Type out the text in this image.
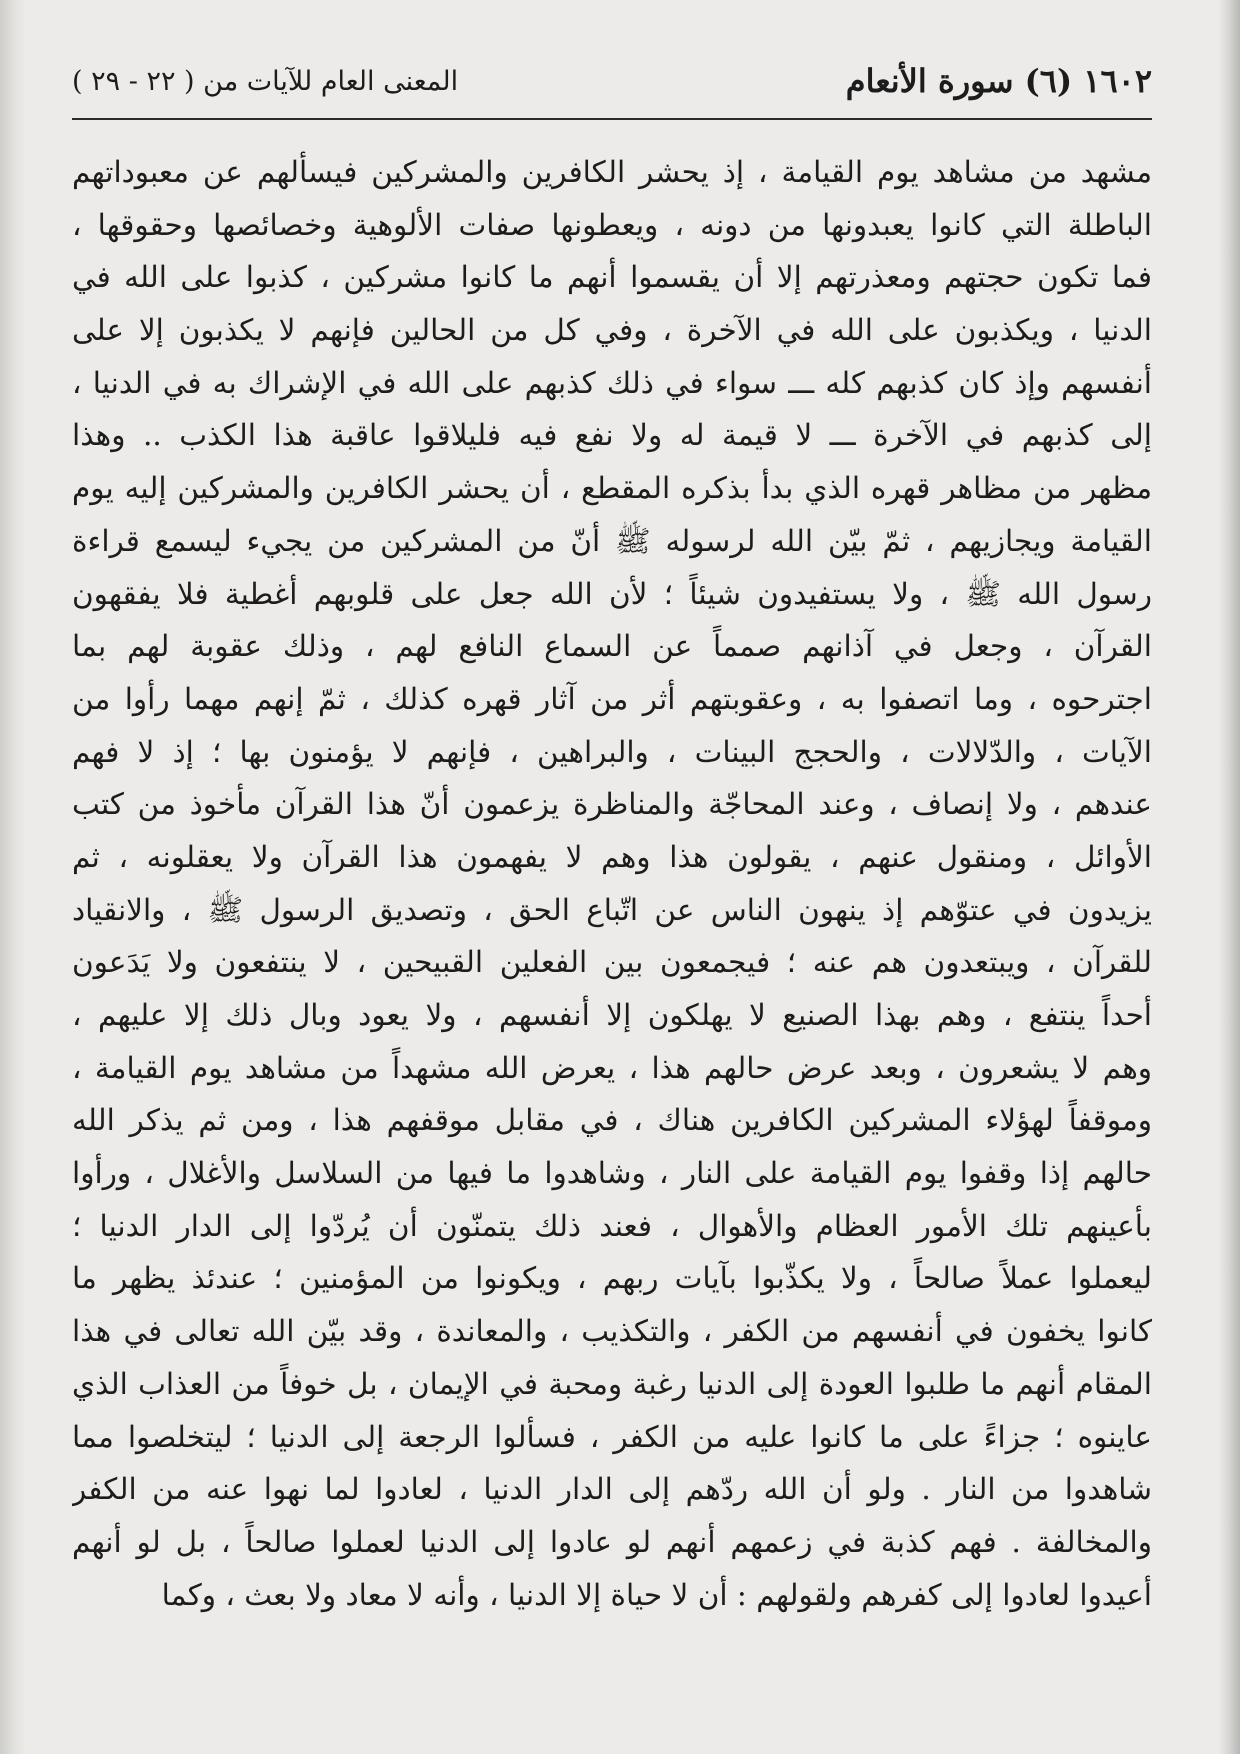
١٦٠٢ (٦) سورة الأنعام
المعنى العام للآيات من ( ٢٢ - ٢٩ )
مشهد من مشاهد يوم القيامة ، إذ يحشر الكافرين والمشركين فيسألهم عن معبوداتهم
الباطلة التي كانوا يعبدونها من دونه ، ويعطونها صفات الألوهية وخصائصها وحقوقها ،
فما تكون حجتهم ومعذرتهم إلا أن يقسموا أنهم ما كانوا مشركين ، كذبوا على الله في
الدنيا ، ويكذبون على الله في الآخرة ، وفي كل من الحالين فإنهم لا يكذبون إلا على
أنفسهم وإذ كان كذبهم كله ـــ سواء في ذلك كذبهم على الله في الإشراك به في الدنيا ،
إلى كذبهم في الآخرة ـــ لا قيمة له ولا نفع فيه فليلاقوا عاقبة هذا الكذب .. وهذا
مظهر من مظاهر قهره الذي بدأ بذكره المقطع ، أن يحشر الكافرين والمشركين إليه يوم
القيامة ويجازيهم ، ثمّ بيّن الله لرسوله ﷺ أنّ من المشركين من يجيء ليسمع قراءة
رسول الله ﷺ ، ولا يستفيدون شيئاً ؛ لأن الله جعل على قلوبهم أغطية فلا يفقهون
القرآن ، وجعل في آذانهم صمماً عن السماع النافع لهم ، وذلك عقوبة لهم بما
اجترحوه ، وما اتصفوا به ، وعقوبتهم أثر من آثار قهره كذلك ، ثمّ إنهم مهما رأوا من
الآيات ، والدّلالات ، والحجج البينات ، والبراهين ، فإنهم لا يؤمنون بها ؛ إذ لا فهم
عندهم ، ولا إنصاف ، وعند المحاجّة والمناظرة يزعمون أنّ هذا القرآن مأخوذ من كتب
الأوائل ، ومنقول عنهم ، يقولون هذا وهم لا يفهمون هذا القرآن ولا يعقلونه ، ثم
يزيدون في عتوّهم إذ ينهون الناس عن اتّباع الحق ، وتصديق الرسول ﷺ ، والانقياد
للقرآن ، ويبتعدون هم عنه ؛ فيجمعون بين الفعلين القبيحين ، لا ينتفعون ولا يَدَعون
أحداً ينتفع ، وهم بهذا الصنيع لا يهلكون إلا أنفسهم ، ولا يعود وبال ذلك إلا عليهم ،
وهم لا يشعرون ، وبعد عرض حالهم هذا ، يعرض الله مشهداً من مشاهد يوم القيامة ،
وموقفاً لهؤلاء المشركين الكافرين هناك ، في مقابل موقفهم هذا ، ومن ثم يذكر الله
حالهم إذا وقفوا يوم القيامة على النار ، وشاهدوا ما فيها من السلاسل والأغلال ، ورأوا
بأعينهم تلك الأمور العظام والأهوال ، فعند ذلك يتمنّون أن يُردّوا إلى الدار الدنيا ؛
ليعملوا عملاً صالحاً ، ولا يكذّبوا بآيات ربهم ، ويكونوا من المؤمنين ؛ عندئذ يظهر ما
كانوا يخفون في أنفسهم من الكفر ، والتكذيب ، والمعاندة ، وقد بيّن الله تعالى في هذا
المقام أنهم ما طلبوا العودة إلى الدنيا رغبة ومحبة في الإيمان ، بل خوفاً من العذاب الذي
عاينوه ؛ جزاءً على ما كانوا عليه من الكفر ، فسألوا الرجعة إلى الدنيا ؛ ليتخلصوا مما
شاهدوا من النار . ولو أن الله ردّهم إلى الدار الدنيا ، لعادوا لما نهوا عنه من الكفر
والمخالفة . فهم كذبة في زعمهم أنهم لو عادوا إلى الدنيا لعملوا صالحاً ، بل لو أنهم
أعيدوا لعادوا إلى كفرهم ولقولهم : أن لا حياة إلا الدنيا ، وأنه لا معاد ولا بعث ، وكما
